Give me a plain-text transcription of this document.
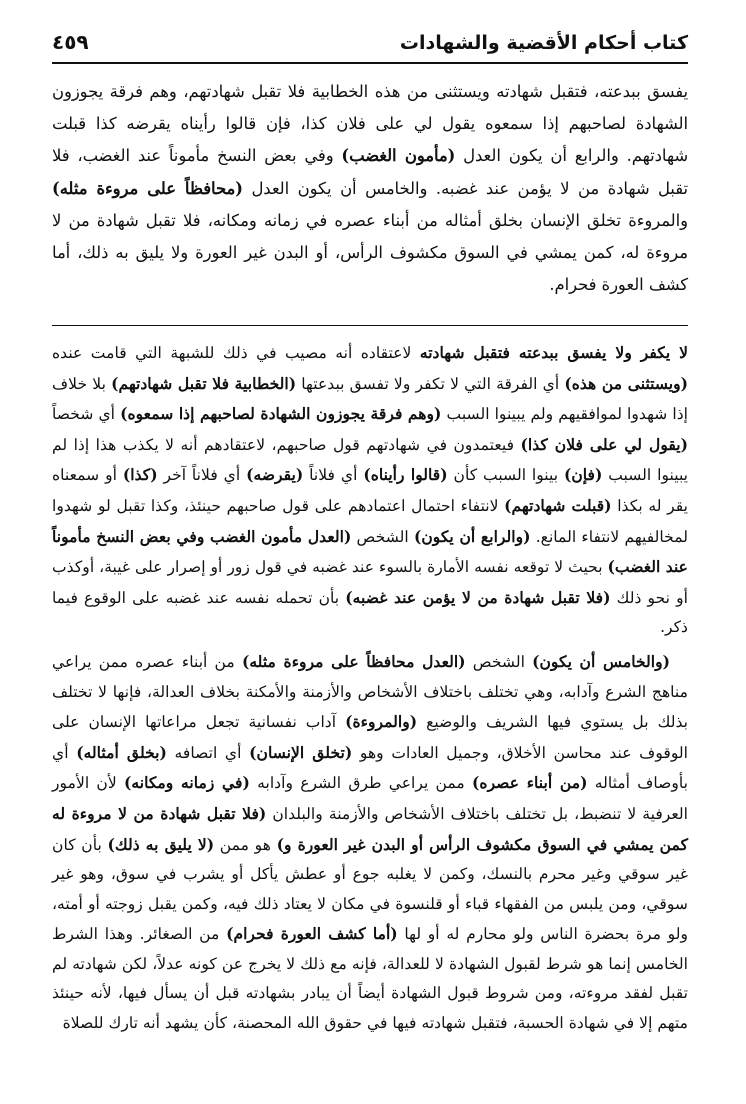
كتاب أحكام الأقضية والشهادات
٤٥٩

يفسق ببدعته، فتقبل شهادته ويستثنى من هذه الخطابية فلا تقبل شهادتهم، وهم فرقة يجوزون الشهادة لصاحبهم إذا سمعوه يقول لي على فلان كذا، فإن قالوا رأيناه يقرضه كذا قبلت شهادتهم. والرابع أن يكون العدل (مأمون الغضب) وفي بعض النسخ مأموناً عند الغضب، فلا تقبل شهادة من لا يؤمن عند غضبه. والخامس أن يكون العدل (محافظاً على مروءة مثله) والمروءة تخلق الإنسان بخلق أمثاله من أبناء عصره في زمانه ومكانه، فلا تقبل شهادة من لا مروءة له، كمن يمشي في السوق مكشوف الرأس، أو البدن غير العورة ولا يليق به ذلك، أما كشف العورة فحرام.

لا يكفر ولا يفسق ببدعته فتقبل شهادته لاعتقاده أنه مصيب في ذلك للشبهة التي قامت عنده (ويستثنى من هذه) أي الفرقة التي لا تكفر ولا تفسق ببدعتها (الخطابية فلا تقبل شهادتهم) بلا خلاف إذا شهدوا لموافقيهم ولم يبينوا السبب (وهم فرقة يجوزون الشهادة لصاحبهم إذا سمعوه) أي شخصاً (يقول لي على فلان كذا) فيعتمدون في شهادتهم قول صاحبهم، لاعتقادهم أنه لا يكذب هذا إذا لم يبينوا السبب (فإن) بينوا السبب كأن (قالوا رأيناه) أي فلاناً (يقرضه) أي فلاناً آخر (كذا) أو سمعناه يقر له بكذا (قبلت شهادتهم) لانتفاء احتمال اعتمادهم على قول صاحبهم حينئذ، وكذا تقبل لو شهدوا لمخالفيهم لانتفاء المانع. (والرابع أن يكون) الشخص (العدل مأمون الغضب وفي بعض النسخ مأموناً عند الغضب) بحيث لا توقعه نفسه الأمارة بالسوء عند غضبه في قول زور أو إصرار على غيبة، أوكذب أو نحو ذلك (فلا تقبل شهادة من لا يؤمن عند غضبه) بأن تحمله نفسه عند غضبه على الوقوع فيما ذكر.

(والخامس أن يكون) الشخص (العدل محافظاً على مروءة مثله) من أبناء عصره ممن يراعي مناهج الشرع وآدابه، وهي تختلف باختلاف الأشخاص والأزمنة والأمكنة بخلاف العدالة، فإنها لا تختلف بذلك بل يستوي فيها الشريف والوضيع (والمروءة) آداب نفسانية تجعل مراعاتها الإنسان على الوقوف عند محاسن الأخلاق، وجميل العادات وهو (تخلق الإنسان) أي اتصافه (بخلق أمثاله) أي بأوصاف أمثاله (من أبناء عصره) ممن يراعي طرق الشرع وآدابه (في زمانه ومكانه) لأن الأمور العرفية لا تنضبط، بل تختلف باختلاف الأشخاص والأزمنة والبلدان (فلا تقبل شهادة من لا مروءة له كمن يمشي في السوق مكشوف الرأس أو البدن غير العورة و) هو ممن (لا يليق به ذلك) بأن كان غير سوقي وغير محرم بالنسك، وكمن لا يغلبه جوع أو عطش يأكل أو يشرب في سوق، وهو غير سوقي، ومن يلبس من الفقهاء قباء أو قلنسوة في مكان لا يعتاد ذلك فيه، وكمن يقبل زوجته أو أمته، ولو مرة بحضرة الناس ولو محارم له أو لها (أما كشف العورة فحرام) من الصغائر. وهذا الشرط الخامس إنما هو شرط لقبول الشهادة لا للعدالة، فإنه مع ذلك لا يخرج عن كونه عدلاً، لكن شهادته لم تقبل لفقد مروءته، ومن شروط قبول الشهادة أيضاً أن يبادر بشهادته قبل أن يسأل فيها، لأنه حينئذ متهم إلا في شهادة الحسبة، فتقبل شهادته فيها في حقوق الله المحصنة، كأن يشهد أنه تارك للصلاة
